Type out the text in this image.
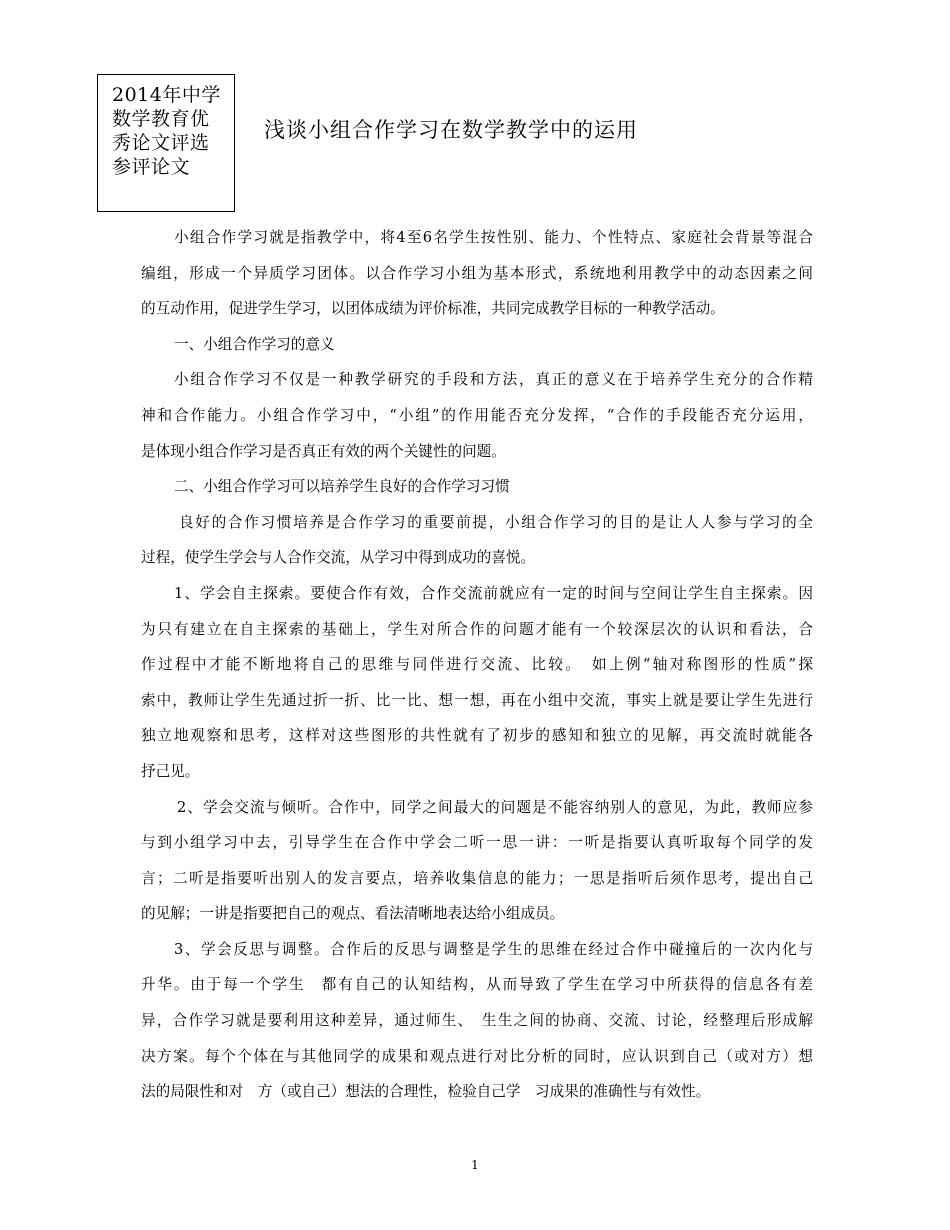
2014年中学
数学教育优
秀论文评选
参评论文
浅谈小组合作学习在数学教学中的运用
小组合作学习就是指教学中，将4至6名学生按性别、能力、个性特点、家庭社会背景等混合
编组，形成一个异质学习团体。以合作学习小组为基本形式，系统地利用教学中的动态因素之间
的互动作用，促进学生学习，以团体成绩为评价标准，共同完成教学目标的一种教学活动。
一、小组合作学习的意义
小组合作学习不仅是一种教学研究的手段和方法，真正的意义在于培养学生充分的合作精
神和合作能力。小组合作学习中，“小组”的作用能否充分发挥，“合作的手段能否充分运用，
是体现小组合作学习是否真正有效的两个关键性的问题。
二、小组合作学习可以培养学生良好的合作学习习惯
良好的合作习惯培养是合作学习的重要前提，小组合作学习的目的是让人人参与学习的全
过程，使学生学会与人合作交流，从学习中得到成功的喜悦。
1、学会自主探索。要使合作有效，合作交流前就应有一定的时间与空间让学生自主探索。因
为只有建立在自主探索的基础上，学生对所合作的问题才能有一个较深层次的认识和看法，合
作过程中才能不断地将自己的思维与同伴进行交流、比较。　如上例“轴对称图形的性质”探
索中，教师让学生先通过折一折、比一比、想一想，再在小组中交流，事实上就是要让学生先进行
独立地观察和思考，这样对这些图形的共性就有了初步的感知和独立的见解，再交流时就能各
抒己见。
2、学会交流与倾听。合作中，同学之间最大的问题是不能容纳别人的意见，为此，教师应参
与到小组学习中去，引导学生在合作中学会二听一思一讲：一听是指要认真听取每个同学的发
言；二听是指要听出别人的发言要点，培养收集信息的能力；一思是指听后须作思考，提出自己
的见解；一讲是指要把自己的观点、看法清晰地表达给小组成员。
3、学会反思与调整。合作后的反思与调整是学生的思维在经过合作中碰撞后的一次内化与
升华。由于每一个学生　都有自己的认知结构，从而导致了学生在学习中所获得的信息各有差
异，合作学习就是要利用这种差异，通过师生、　生生之间的协商、交流、讨论，经整理后形成解
决方案。每个个体在与其他同学的成果和观点进行对比分析的同时，应认识到自己（或对方）想
法的局限性和对　方（或自己）想法的合理性，检验自己学　习成果的准确性与有效性。
1
